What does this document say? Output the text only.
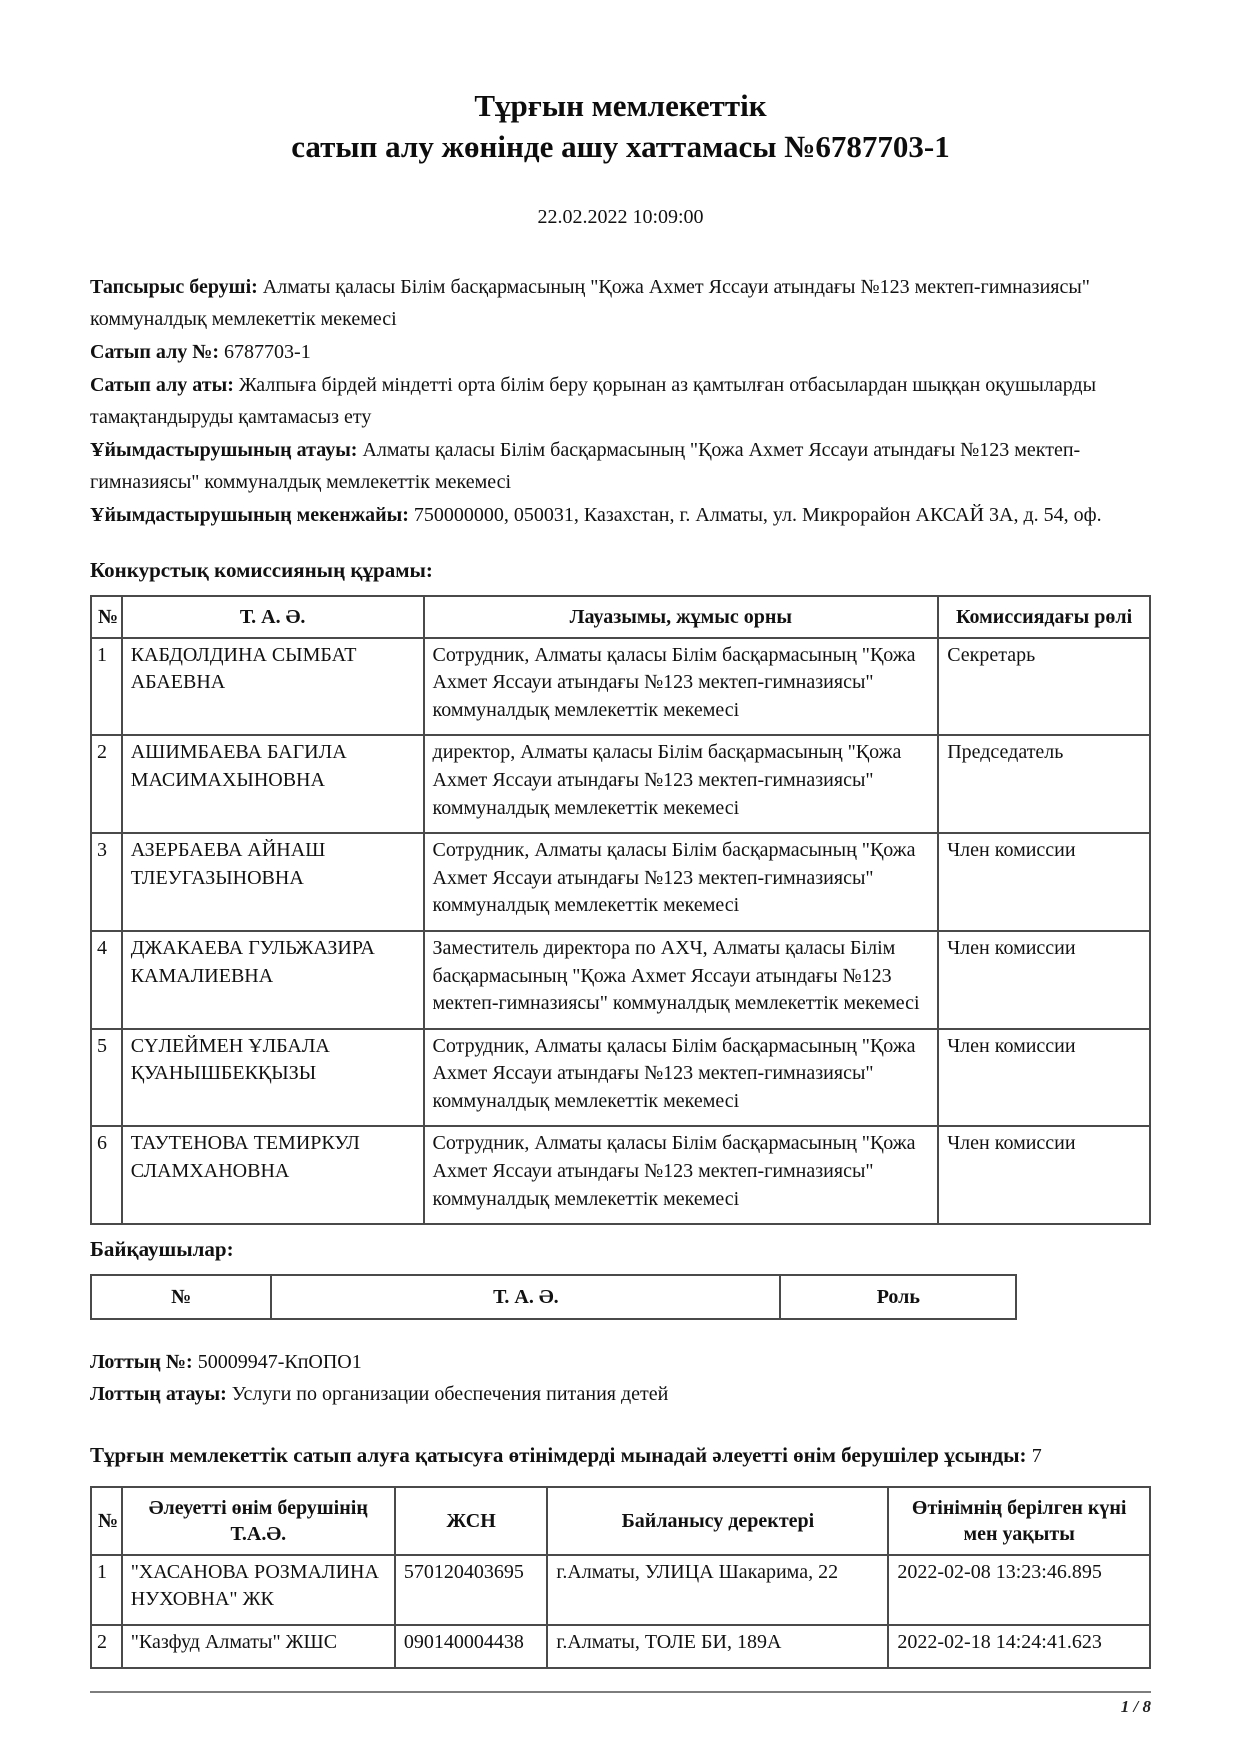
Тұрғын мемлекеттік
сатып алу жөнінде ашу хаттамасы №6787703-1
22.02.2022 10:09:00

Тапсырыс беруші: Алматы қаласы Білім басқармасының "Қожа Ахмет Яссауи атындағы №123 мектеп-гимназиясы" коммуналдық мемлекеттік мекемесі

Сатып алу №: 6787703-1

Сатып алу аты: Жалпыға бірдей міндетті орта білім беру қорынан аз қамтылған отбасылардан шыққан оқушыларды тамақтандыруды қамтамасыз ету

Ұйымдастырушының атауы: Алматы қаласы Білім басқармасының "Қожа Ахмет Яссауи атындағы №123 мектеп-гимназиясы" коммуналдық мемлекеттік мекемесі

Ұйымдастырушының мекенжайы: 750000000, 050031, Казахстан, г. Алматы, ул. Микрорайон АКСАЙ 3А, д. 54, оф.

Конкурстық комиссияның құрамы:
№	Т. А. Ә.	Лауазымы, жұмыс орны	Комиссиядағы рөлі
1	КАБДОЛДИНА СЫМБАТ АБАЕВНА	Сотрудник, Алматы қаласы Білім басқармасының "Қожа Ахмет Яссауи атындағы №123 мектеп-гимназиясы" коммуналдық мемлекеттік мекемесі	Секретарь
2	АШИМБАЕВА БАГИЛА МАСИМАХЫНОВНА	директор, Алматы қаласы Білім басқармасының "Қожа Ахмет Яссауи атындағы №123 мектеп-гимназиясы" коммуналдық мемлекеттік мекемесі	Председатель
3	АЗЕРБАЕВА АЙНАШ ТЛЕУГАЗЫНОВНА	Сотрудник, Алматы қаласы Білім басқармасының "Қожа Ахмет Яссауи атындағы №123 мектеп-гимназиясы" коммуналдық мемлекеттік мекемесі	Член комиссии
4	ДЖАКАЕВА ГУЛЬЖАЗИРА КАМАЛИЕВНА	Заместитель директора по АХЧ, Алматы қаласы Білім басқармасының "Қожа Ахмет Яссауи атындағы №123 мектеп-гимназиясы" коммуналдық мемлекеттік мекемесі	Член комиссии
5	СҮЛЕЙМЕН ҰЛБАЛА ҚУАНЫШБЕКҚЫЗЫ	Сотрудник, Алматы қаласы Білім басқармасының "Қожа Ахмет Яссауи атындағы №123 мектеп-гимназиясы" коммуналдық мемлекеттік мекемесі	Член комиссии
6	ТАУТЕНОВА ТЕМИРКУЛ СЛАМХАНОВНА	Сотрудник, Алматы қаласы Білім басқармасының "Қожа Ахмет Яссауи атындағы №123 мектеп-гимназиясы" коммуналдық мемлекеттік мекемесі	Член комиссии
Байқаушылар:
№	Т. А. Ә.	Роль

Лоттың №: 50009947-КпОПО1

Лоттың атауы: Услуги по организации обеспечения питания детей

Тұрғын мемлекеттік сатып алуға қатысуға өтінімдерді мынадай әлеуетті өнім берушілер ұсынды: 7
№	Әлеуетті өнім берушінің Т.А.Ә.	ЖСН	Байланысу деректері	Өтінімнің берілген күні мен уақыты
1	"ХАСАНОВА РОЗМАЛИНА НУХОВНА" ЖК	570120403695	г.Алматы, УЛИЦА Шакарима, 22	2022-02-08 13:23:46.895
2	"Казфуд Алматы" ЖШС	090140004438	г.Алматы, ТОЛЕ БИ, 189А	2022-02-18 14:24:41.623
1 / 8
